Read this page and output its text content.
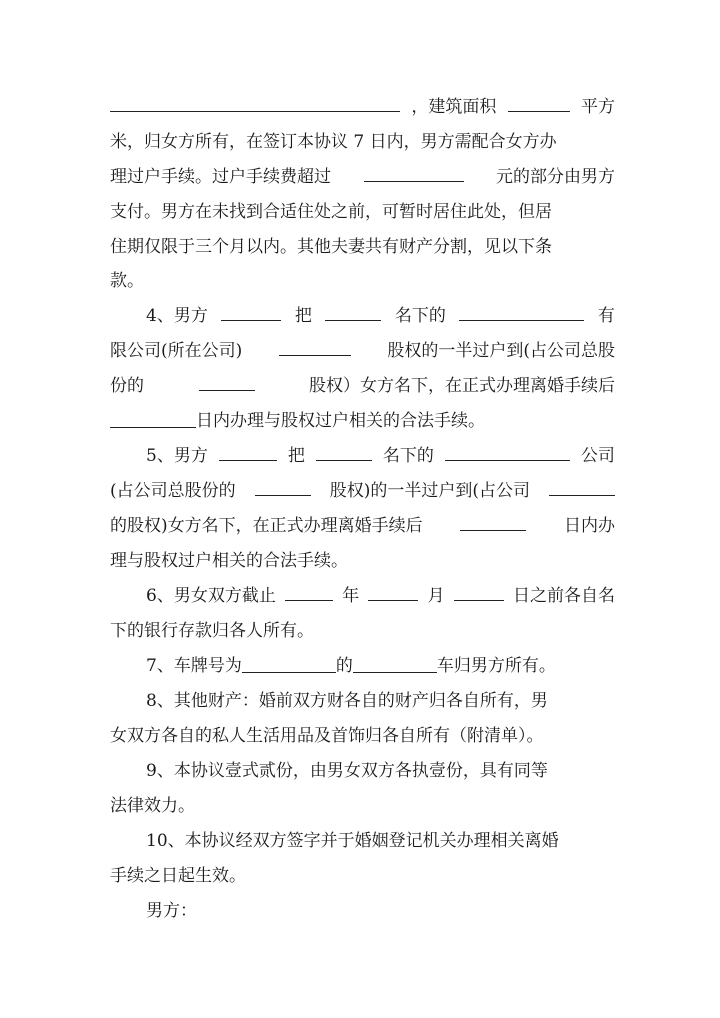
，建筑面积	平方
米，归女方所有，在签订本协议 7 日内，男方需配合女方办
理过户手续。过户手续费超过	元的部分由男方
支付。男方在未找到合适住处之前，可暂时居住此处，但居
住期仅限于三个月以内。其他夫妻共有财产分割，见以下条
款。
4、男方	把	名下的	有
限公司(所在公司)	股权的一半过户到(占公司总股
份的	股权）女方名下，在正式办理离婚手续后
日内办理与股权过户相关的合法手续。
5、男方	把	名下的	公司
(占公司总股份的	股权)的一半过户到(占公司
的股权)女方名下，在正式办理离婚手续后	日内办
理与股权过户相关的合法手续。
6、男女双方截止	年	月	日之前各自名
下的银行存款归各人所有。
7、车牌号为	的	车归男方所有。
8、其他财产：婚前双方财各自的财产归各自所有，男
女双方各自的私人生活用品及首饰归各自所有（附清单）。
9、本协议壹式贰份，由男女双方各执壹份，具有同等
法律效力。
10、本协议经双方签字并于婚姻登记机关办理相关离婚
手续之日起生效。
男方：
